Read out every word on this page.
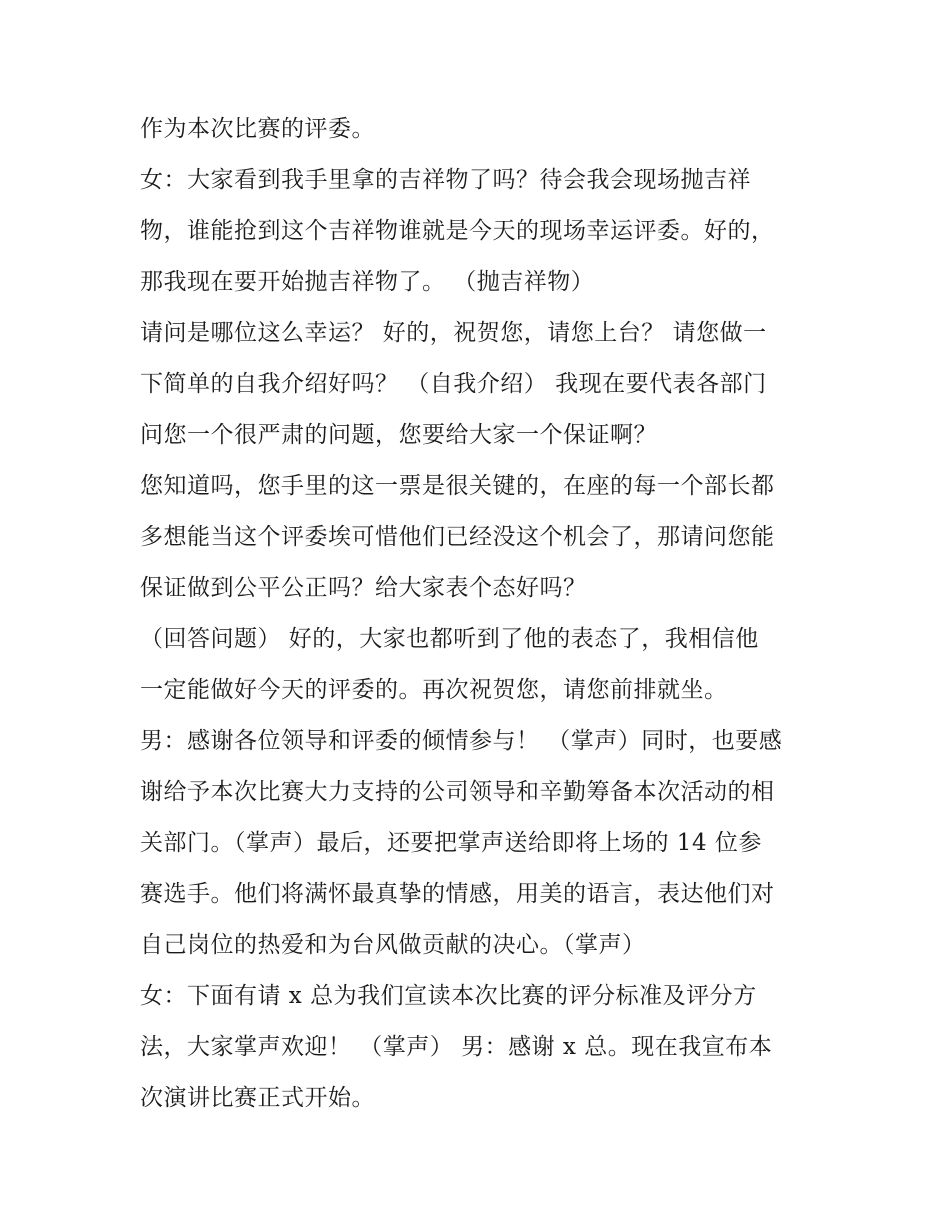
作为本次比赛的评委。
女：大家看到我手里拿的吉祥物了吗？待会我会现场抛吉祥
物，谁能抢到这个吉祥物谁就是今天的现场幸运评委。好的，
那我现在要开始抛吉祥物了。 （抛吉祥物）
请问是哪位这么幸运？ 好的，祝贺您，请您上台？ 请您做一
下简单的自我介绍好吗？ （自我介绍） 我现在要代表各部门
问您一个很严肃的问题，您要给大家一个保证啊？
您知道吗，您手里的这一票是很关键的，在座的每一个部长都
多想能当这个评委埃可惜他们已经没这个机会了，那请问您能
保证做到公平公正吗？给大家表个态好吗？
（回答问题） 好的，大家也都听到了他的表态了，我相信他
一定能做好今天的评委的。再次祝贺您，请您前排就坐。
男：感谢各位领导和评委的倾情参与！ （掌声）同时，也要感
谢给予本次比赛大力支持的公司领导和辛勤筹备本次活动的相
关部门。（掌声）最后，还要把掌声送给即将上场的 14 位参
赛选手。他们将满怀最真挚的情感，用美的语言，表达他们对
自己岗位的热爱和为台风做贡献的决心。（掌声）
女：下面有请 x 总为我们宣读本次比赛的评分标准及评分方
法，大家掌声欢迎！ （掌声） 男：感谢 x 总。现在我宣布本
次演讲比赛正式开始。
